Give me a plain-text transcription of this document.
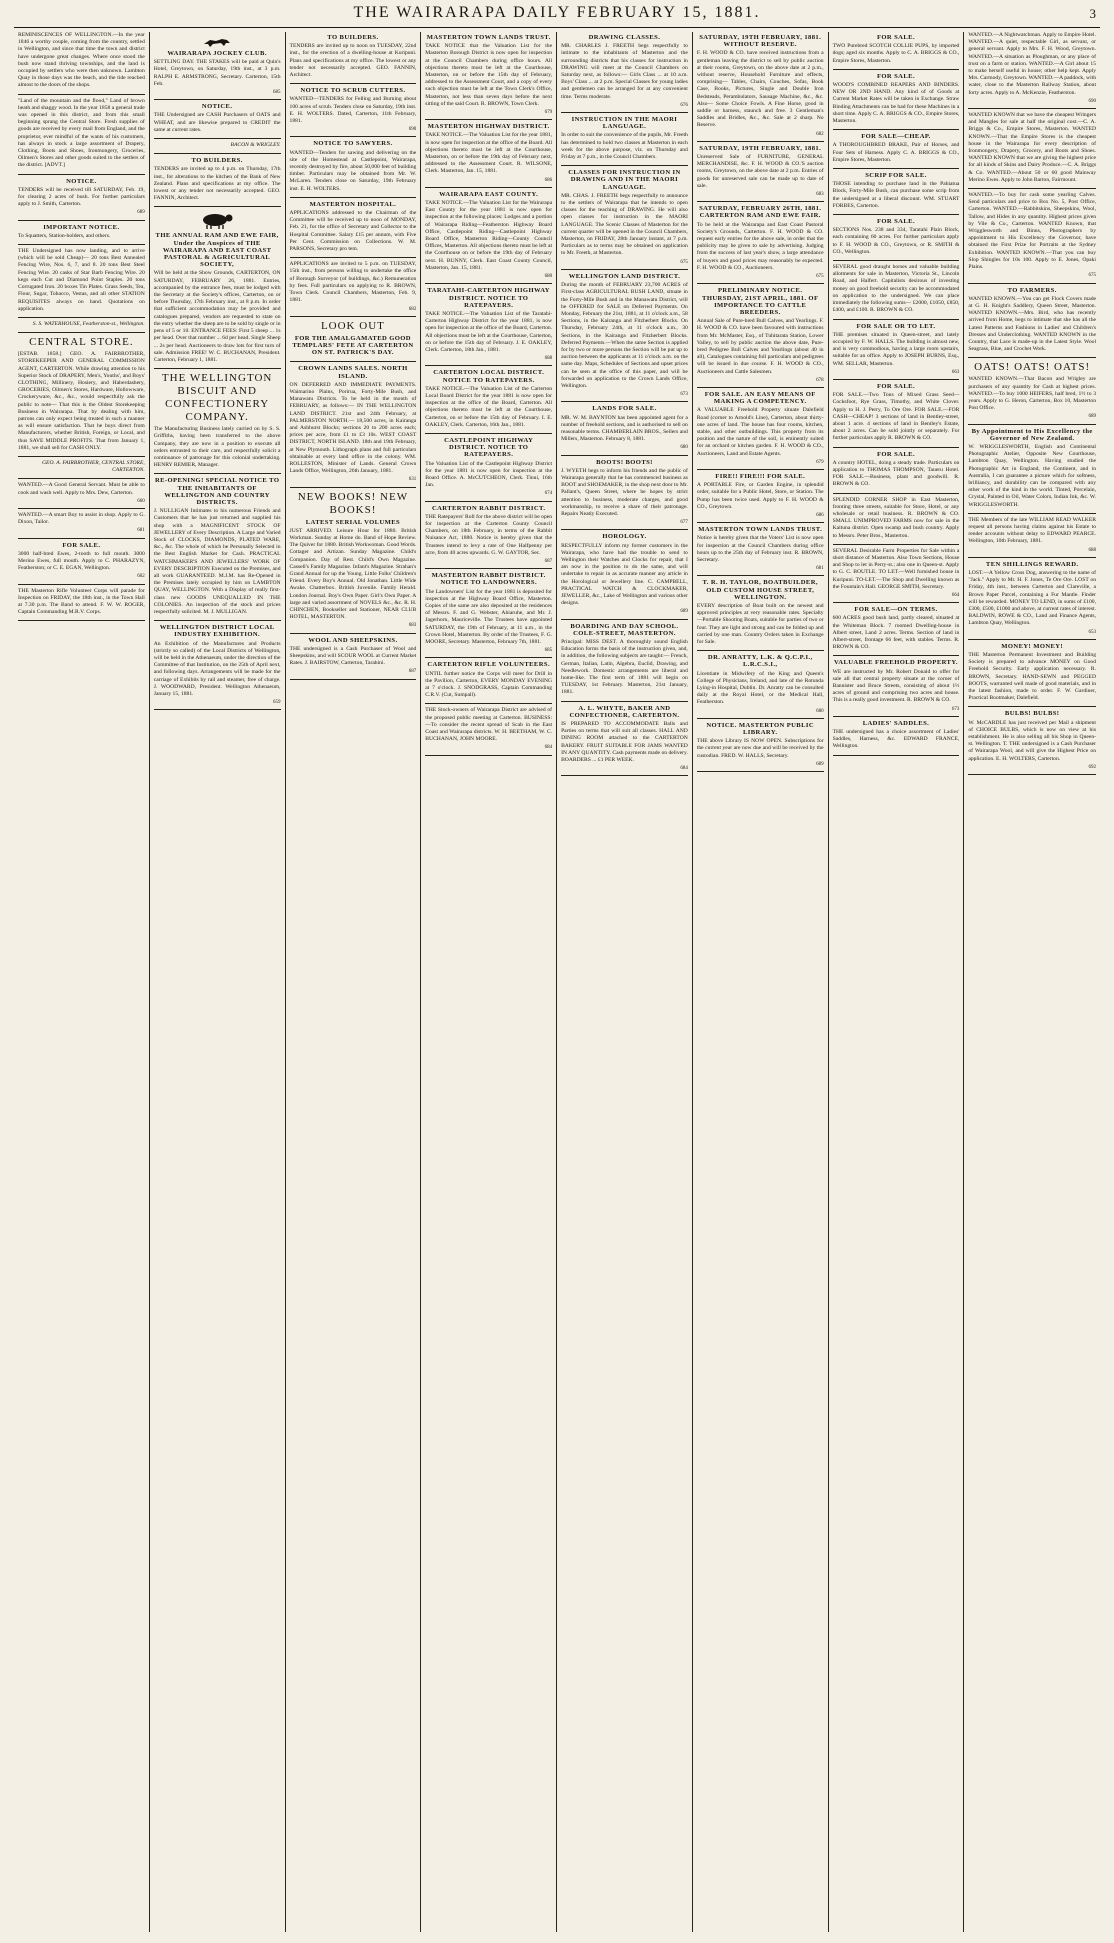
THE WAIRARAPA DAILY FEBRUARY 15, 1881.	3

REMINISCENCES OF WELLINGTON.—In the year 1846 a worthy couple, coming from the country, settled in Wellington, and since that time the town and district have undergone great changes. Where once stood the bush now stand thriving townships, and the land is occupied by settlers who were then unknown. Lambton Quay in those days was the beach, and the tide reached almost to the doors of the shops.

"Land of the mountain and the flood," Land of brown heath and shaggy wood. In the year 1858 a general trade was opened in this district, and from this small beginning sprang the Central Store. Fresh supplies of goods are received by every mail from England, and the proprietor, ever mindful of the wants of his customers, has always in stock a large assortment of Drapery, Clothing, Boots and Shoes, Ironmongery, Groceries, Oilmen's Stores and other goods suited to the settlers of the district. [ADVT.]

NOTICE.

TENDERS will be received till SATURDAY, Feb. 19, for clearing 2 acres of bush. For further particulars apply to J. Smith, Carterton.

689
IMPORTANT NOTICE.

To Squatters, Station-holders, and others.

THE Undersigned has now landing, and to arrive (which will be sold Cheap)— 20 tons Best Annealed Fencing Wire, Nos. 6, 7, and 8. 20 tons Best Steel Fencing Wire. 20 casks of Star Barb Fencing Wire. 20 kegs each Cut and Diamond Point Staples. 20 tons Corrugated Iron. 20 boxes Tin Plates. Grass Seeds, Tea, Flour, Sugar, Tobacco, Vestas, and all other STATION REQUISITES always on hand. Quotations on application.

S. S. WATERHOUSE, Featherston-st., Wellington.

CENTRAL STORE.

[ESTAB. 1858.] GEO. A. FAIRBROTHER, STOREKEEPER AND GENERAL COMMISSION AGENT, CARTERTON. While drawing attention to his Superior Stock of DRAPERY, Men's, Youths', and Boys' CLOTHING, Millinery, Hosiery, and Haberdashery, GROCERIES, Oilmen's Stores, Hardware, Hollowware, Crockeryware, &c., &c., would respectfully ask the public to note— That this is the Oldest Storekeeping Business in Wairarapa. That by dealing with him, patrons can only expect being treated in such a manner as will ensure satisfaction. That he buys direct from Manufacturers, whether British, Foreign, or Local, and thus SAVE MIDDLE PROFITS. That from January 1, 1881, we shall sell for CASH ONLY.

GEO. A. FAIRBROTHER, CENTRAL STORE, CARTERTON.

WANTED.—A Good General Servant. Must be able to cook and wash well. Apply to Mrs. Dew, Carterton.

660

WANTED.—A smart Boy to assist in shop. Apply to G. Dixon, Tailor.

681
FOR SALE.

3000 half-bred Ewes, 2-tooth to full mouth. 3000 Merino Ewes, full mouth. Apply to C. PHARAZYN, Featherston; or C. E. EGAN, Wellington.

602

THE Masterton Rifle Volunteer Corps will parade for Inspection on FRIDAY, the 18th inst., in the Town Hall at 7.30 p.m. The Band to attend. F. W. W. ROGER, Captain Commanding M.R.V. Corps.

WAIRARAPA JOCKEY CLUB.

SETTLING DAY. THE STAKES will be paid at Quin's Hotel, Greytown, on Saturday, 19th inst., at 3 p.m. RALPH E. ARMSTRONG, Secretary. Carterton, 15th Feb.

685
NOTICE.

THE Undersigned are CASH Purchasers of OATS and WHEAT, and are likewise prepared to CREDIT the same at current rates.

BACON & WRIGLEY.

TO BUILDERS.

TENDERS are invited up to 4 p.m. on Thursday, 17th inst., for alterations to the kitchen of the Bank of New Zealand. Plans and specifications at my office. The lowest or any tender not necessarily accepted. GEO. FANNIN, Architect.

THE ANNUAL RAM AND EWE FAIR, Under the Auspices of THE WAIRARAPA AND EAST COAST PASTORAL & AGRICULTURAL SOCIETY,

Will be held at the Show Grounds, CARTERTON, ON SATURDAY, FEBRUARY 26, 1881. Entries, accompanied by the entrance fees, must be lodged with the Secretary at the Society's offices, Carterton, on or before Thursday, 17th February inst., at 8 p.m. In order that sufficient accommodation may be provided and catalogues prepared, vendors are requested to state on the entry whether the sheep are to be sold by single or in pens of 5 or 10. ENTRANCE FEES: First 5 sheep ... 1s per head. Over that number ... 6d per head. Single Sheep ... 2s per head. Auctioneers to draw lots for first turn of sale. Admission FREE! W. C. BUCHANAN, President. Carterton, February 1, 1881.

THE WELLINGTON BISCUIT AND CONFECTIONERY COMPANY.

The Manufacturing Business lately carried on by S. S. Griffiths, having been transferred to the above Company, they are now in a position to execute all orders entrusted to their care, and respectfully solicit a continuance of patronage for this colonial undertaking. HENRY REMIER, Manager.

RE-OPENING! SPECIAL NOTICE TO THE INHABITANTS OF WELLINGTON AND COUNTRY DISTRICTS.

J. NULLIGAN Intimates to his numerous Friends and Customers that he has just returned and supplied his shop with a MAGNIFICENT STOCK OF JEWELLERY of Every Description. A Large and Varied Stock of CLOCKS, DIAMONDS, PLATED WARE, &c., &c. The whole of which he Personally Selected in the Best English Market for Cash. PRACTICAL WATCHMAKER'S AND JEWELLERS' WORK OF EVERY DESCRIPTION Executed on the Premises, and all work GUARANTEED. M.J.M. has Re-Opened in the Premises lately occupied by him on LAMBTON QUAY, WELLINGTON. With a Display of really first-class new GOODS UNEQUALLED IN THE COLONIES. An inspection of the stock and prices respectfully solicited. M. J. MULLIGAN.

WELLINGTON DISTRICT LOCAL INDUSTRY EXHIBITION.

An Exhibition of the Manufactures and Products (strictly so called) of the Local Districts of Wellington, will be held in the Athenaeum, under the direction of the Committee of that Institution, on the 25th of April next, and following days. Arrangements will be made for the carriage of Exhibits by rail and steamer, free of charge. J. WOODWARD, President. Wellington Athenaeum, January 15, 1881.

659
TO BUILDERS.

TENDERS are invited up to noon on TUESDAY, 22nd inst., for the erection of a dwelling-house at Kuripuni. Plans and specifications at my office. The lowest or any tender not necessarily accepted. GEO. FANNIN, Architect.

NOTICE TO SCRUB CUTTERS.

WANTED—TENDERS for Felling and Burning about 100 acres of scrub. Tenders close on Saturday, 19th inst. E. H. WOLTERS. Dated, Carterton, 11th February, 1881.

690
NOTICE TO SAWYERS.

WANTED—Tenders for sawing and delivering on the site of the Homestead at Castlepoint, Wairarapa, recently destroyed by fire, about 50,000 feet of building timber. Particulars may be obtained from Mr. W. McLaren. Tenders close on Saturday, 19th February inst. E. H. WOLTERS.

MASTERTON HOSPITAL.

APPLICATIONS addressed to the Chairman of the Committee will be received up to noon of MONDAY, Feb. 21, for the office of Secretary and Collector to the Hospital Committee. Salary £15 per annum, with Five Per Cent. Commission on Collections. W. M. PARSONS, Secretary pro tem.

APPLICATIONS are invited to 5 p.m. on TUESDAY, 15th inst., from persons willing to undertake the office of Borough Surveyor (of buildings, &c.) Remuneration by fees. Full particulars on applying to R. BROWN, Town Clerk. Council Chambers, Masterton, Feb. 9, 1881.

682
LOOK OUT
FOR THE AMALGAMATED GOOD TEMPLARS' FETE AT CARTERTON ON ST. PATRICK'S DAY.
CROWN LANDS SALES. NORTH ISLAND.

ON DEFERRED AND IMMEDIATE PAYMENTS. Waimarino Plains, Porirua, Forty-Mile Bush, and Manawatu Districts. To be held in the month of FEBRUARY, as follows:— IN THE WELLINGTON LAND DISTRICT. 21st and 24th February, at PALMERSTON NORTH.— 18,500 acres, in Kairanga and Ashhurst Blocks; sections 20 to 200 acres each; prices per acre, from £1 to £3 10s. WEST COAST DISTRICT, NORTH ISLAND. 18th and 19th February, at New Plymouth. Lithograph plans and full particulars obtainable at every land office in the colony. WM. ROLLESTON, Minister of Lands. General Crown Lands Office, Wellington, 26th January, 1881.

631
NEW BOOKS! NEW BOOKS!
LATEST SERIAL VOLUMES

JUST ARRIVED. Leisure Hour for 1880. British Workman. Sunday at Home do. Band of Hope Review. The Quiver for 1880. British Workwoman. Good Words. Cottager and Artizan. Sunday Magazine. Child's Companion. Day of Rest. Child's Own Magazine. Cassell's Family Magazine. Infant's Magazine. Strahan's Grand Annual for up the Young. Little Folks' Children's Friend. Every Boy's Annual. Old Jonathan. Little Wide Awake. Chatterbox. British Juvenile. Family Herald. London Journal. Boy's Own Paper. Girl's Own Paper. A large and varied assortment of NOVELS &c., &c. R. H. CHINCHEN, Bookseller and Stationer, NEAR CLUB HOTEL, MASTERTON.

683
WOOL AND SHEEPSKINS.

THE undersigned is a Cash Purchaser of Wool and Sheepskins, and will SCOUR WOOL at Current Market Rates. J. BAIRSTOW, Carterton, Tarahini.

687
MASTERTON TOWN LANDS TRUST.

TAKE NOTICE that the Valuation List for the Masterton Borough District is now open for inspection at the Council Chambers during office hours. All objections thereto must be left at the Courthouse, Masterton, on or before the 15th day of February, addressed to the Assessment Court, and a copy of every such objection must be left at the Town Clerk's Office, Masterton, not less than seven days before the next sitting of the said Court. R. BROWN, Town Clerk.

679
MASTERTON HIGHWAY DISTRICT.

TAKE NOTICE.—The Valuation List for the year 1881, is now open for inspection at the office of the Board. All objections thereto must be left at the Courthouse, Masterton, on or before the 19th day of February next, addressed to the Assessment Court. R. WILSONE, Clerk. Masterton, Jan. 15, 1881.

686
WAIRARAPA EAST COUNTY.

TAKE NOTICE.—The Valuation List for the Wairarapa East County for the year 1881 is now open for inspection at the following places: Lodges and a portion of Wairarapa Riding—Featherston Highway Board Office, Castlepoint Riding—Castlepoint Highway Board Office, Masterton Riding—County Council Offices, Masterton. All objections thereto must be left at the Courthouse on or before the 19th day of February next. H. BUNNY, Clerk. East Coast County Council, Masterton, Jan. 15, 1881.

680
TARATAHI-CARTERTON HIGHWAY DISTRICT. NOTICE TO RATEPAYERS.

TAKE NOTICE.—The Valuation List of the Taratahi-Carterton Highway District for the year 1881, is now open for inspection at the office of the Board, Carterton. All objections must be left at the Courthouse, Carterton, on or before the 15th day of February. J. E. OAKLEY, Clerk. Carterton, 18th Jan., 1881.

688
CARTERTON LOCAL DISTRICT. NOTICE TO RATEPAYERS.

TAKE NOTICE.—The Valuation List of the Carterton Local Board District for the year 1881 is now open for inspection at the office of the Board, Carterton. All objections thereto must be left at the Courthouse, Carterton, on or before the 15th day of February. I. E. OAKLEY, Clerk. Carterton, 16th Jan., 1881.

CASTLEPOINT HIGHWAY DISTRICT. NOTICE TO RATEPAYERS.

The Valuation List of the Castlepoint Highway District for the year 1881 is now open for inspection at the Board Office. A. McCUTCHEON, Clerk. Tinui, 16th Jan.

674
CARTERTON RABBIT DISTRICT.

THE Ratepayers' Roll for the above district will be open for inspection at the Carterton County Council Chambers, on 18th February, in terms of the Rabbit Nuisance Act, 1880. Notice is hereby given that the Trustees intend to levy a rate of One Halfpenny per acre, from 40 acres upwards. G. W. GAYTOR, Sec.

687
MASTERTON RABBIT DISTRICT. NOTICE TO LANDOWNERS.

The Landowners' List for the year 1881 is deposited for inspection at the Highway Board Office, Masterton. Copies of the same are also deposited at the residences of Messrs. F. and G. Webster, Ahiaruhe, and Mr. J. Jagerhorn, Mauriceville. The Trustees have appointed SATURDAY, the 19th of February, at 11 a.m., in the Crown Hotel, Masterton. By order of the Trustees, F. G. MOORE, Secretary. Masterton, February 7th, 1881.

685
CARTERTON RIFLE VOLUNTEERS.

UNTIL further notice the Corps will meet for Drill in the Pavilion, Carterton, EVERY MONDAY EVENING at 7 o'clock. J. SNODGRASS, Captain Commanding C.R.V. (Cut, Sumpall).

THE Stock-owners of Wairarapa District are advised of the proposed public meeting at Carterton. BUSINESS:—To consider the recent spread of Scab in the East Coast and Wairarapa districts. W. H. BEETHAM, W. C. BUCHANAN, JOHN MOORE.

684
DRAWING CLASSES.

MR. CHARLES J. FREETH begs respectfully to intimate to the inhabitants of Masterton and the surrounding districts that his classes for instruction in DRAWING will meet at the Council Chambers on Saturday next, as follows:— Girls Class ... at 10 a.m. Boys' Class ... at 2 p.m. Special Classes for young ladies and gentlemen can be arranged for at any convenient time. Terms moderate.

676
INSTRUCTION IN THE MAORI LANGUAGE.

In order to suit the convenience of the pupils, Mr. Freeth has determined to hold two classes at Masterton in each week for the above purpose, viz. on Thursday and Friday at 7 p.m., in the Council Chambers.

CLASSES FOR INSTRUCTION IN DRAWING AND IN THE MAORI LANGUAGE.

MR. CHAS. J. FREETH begs respectfully to announce to the settlers of Wairarapa that he intends to open classes for the teaching of DRAWING. He will also open classes for instruction in the MAORI LANGUAGE. The Scenic Classes of Masterton for the current quarter will be opened in the Council Chambers, Masterton, on FRIDAY, 28th January instant, at 7 p.m. Particulars as to terms may be obtained on application to Mr. Freeth, at Masterton.

675
WELLINGTON LAND DISTRICT.

During the month of FEBRUARY 23,700 ACRES of First-class AGRICULTURAL BUSH LAND, situate in the Forty-Mile Bush and in the Manawatu District, will be OFFERED for SALE on Deferred Payments. On Monday, February the 21st, 1881, at 11 o'clock a.m., 58 Sections, in the Kairanga and Fitzherbert Blocks. On Thursday, February 24th, at 11 o'clock a.m., 30 Sections, in the Kairanga and Fitzherbert Blocks. Deferred Payments.—When the same Section is applied for by two or more persons the Section will be put up to auction between the applicants at 11 o'clock a.m. on the same day. Maps, Schedules of Sections and upset prices can be seen at the office of this paper, and will be forwarded on application to the Crown Lands Office, Wellington.

673
LANDS FOR SALE.

MR. W. M. BAYNTON has been appointed agent for a number of freehold sections, and is authorised to sell on reasonable terms. CHAMBERLAIN BROS., Sellers and Millers, Masterton. February 8, 1881.

680
BOOTS! BOOTS!

J. WYETH begs to inform his friends and the public of Wairarapa generally that he has commenced business as BOOT and SHOEMAKER, in the shop next door to Mr. Pallant's, Queen Street, where he hopes by strict attention to business, moderate charges, and good workmanship, to receive a share of their patronage. Repairs Neatly Executed.

677
HOROLOGY.

RESPECTFULLY inform my former customers in the Wairarapa, who have had the trouble to send to Wellington their Watches and Clocks for repair, that I am now in the position to do the same, and will undertake to repair in as accurate manner any article in the Horological or Jewellery line. C. CAMPBELL, PRACTICAL WATCH & CLOCKMAKER, JEWELLER, &c., Lake of Wellington and various other designs.

689
BOARDING AND DAY SCHOOL. COLE-STREET, MASTERTON.

Principal: MISS DEST. A thoroughly sound English Education forms the basis of the instruction given, and, in addition, the following subjects are taught:— French, German, Italian, Latin, Algebra, Euclid, Drawing, and Needlework. Domestic arrangements are liberal and home-like. The first term of 1881 will begin on TUESDAY, 1st February. Masterton, 21st January, 1881.

A. L. WHYTE, BAKER AND CONFECTIONER, CARTERTON.

IS PREPARED TO ACCOMMODATE Balls and Parties on terms that will suit all classes. HALL AND DINING ROOM attached to the CARTERTON BAKERY. FRUIT SUITABLE FOR JAMS WANTED IN ANY QUANTITY. Cash payments made on delivery. BOARDERS ... £1 PER WEEK.

684
SATURDAY, 19TH FEBRUARY, 1881. WITHOUT RESERVE.

F. H. WOOD & CO. have received instructions from a gentleman leaving the district to sell by public auction at their rooms, Greytown, on the above date at 2 p.m., without reserve, Household Furniture and effects, comprising— Tables, Chairs, Couches, Sofas, Book Case, Books, Pictures, Single and Double Iron Bedsteads, Perambulators, Sausage Machine, &c., &c. Also— Some Choice Fowls. A Fine Horse, good in saddle or harness, staunch and free. 3 Gentleman's Saddles and Bridles, &c., &c. Sale at 2 sharp. No Reserve.

682
SATURDAY, 19TH FEBRUARY, 1881.

Unreserved Sale of FURNITURE, GENERAL MERCHANDISE, &c. F. H. WOOD & CO.'S auction rooms, Greytown, on the above date at 2 p.m. Entries of goods for unreserved sale can be made up to date of sale.

683
SATURDAY, FEBRUARY 26TH, 1881. CARTERTON RAM AND EWE FAIR.

To be held at the Wairarapa and East Coast Pastoral Society's Grounds, Carterton. F. H. WOOD & CO. request early entries for the above sale, in order that the publicity may be given to sale by advertising. Judging from the success of last year's show, a large attendance of buyers and good prices may reasonably be expected. F. H. WOOD & CO., Auctioneers.

675
PRELIMINARY NOTICE. THURSDAY, 21ST APRIL, 1881. OF IMPORTANCE TO CATTLE BREEDERS.

Annual Sale of Pure-bred Bull Calves, and Yearlings. F. H. WOOD & CO. have been favoured with instructions from Mr. McMaster, Esq., of Tuhitarata Station, Lower Valley, to sell by public auction the above date, Pure-bred Pedigree Bull Calves and Yearlings (about 40 in all), Catalogues containing full particulars and pedigrees will be issued in due course. F. H. WOOD & CO., Auctioneers and Cattle Salesmen.

678
FOR SALE. AN EASY MEANS OF MAKING A COMPETENCY.

A VALUABLE Freehold Property situate Dalefield Road (corner to Arnold's Line), Carterton, about thirty-one acres of land. The house has four rooms, kitchen, stable, and other outbuildings. This property from its position and the nature of the soil, is eminently suited for an orchard or kitchen garden. F. H. WOOD & CO., Auctioneers, Land and Estate Agents.

679
FIRE!! FIRE!!! FOR SALE.

A PORTABLE Fire, or Garden Engine, in splendid order, suitable for a Public Hotel, Store, or Station. The Pump has been twice used. Apply to F. H. WOOD & CO., Greytown.

686
MASTERTON TOWN LANDS TRUST.

Notice is hereby given that the Voters' List is now open for inspection at the Council Chambers during office hours up to the 25th day of February inst. R. BROWN, Secretary.

681
T. R. H. TAYLOR, BOATBUILDER, OLD CUSTOM HOUSE STREET, WELLINGTON.

EVERY description of Boat built on the newest and approved principles at very reasonable rates. Specialty—Portable Shooting Boats, suitable for parties of two or four. They are light and strong and can be folded up and carried by one man. Country Orders taken in Exchange for Sale.

DR. ANRATTY, L.K. & Q.C.P.I., L.R.C.S.I.,

Licentiate in Midwifery of the King and Queen's College of Physicians, Ireland, and late of the Rotunda Lying-in Hospital, Dublin. Dr. Anratty can be consulted daily at the Royal Hotel, or the Medical Hall, Featherston.

680
NOTICE. MASTERTON PUBLIC LIBRARY.

THE above Library IS NOW OPEN. Subscriptions for the current year are now due and will be received by the custodian. FRED. W. HALLS, Secretary.

689
FOR SALE.

TWO Purebred SCOTCH COLLIE PUPS, by imported dogs; aged six months. Apply to C. A. BRIGGS & CO., Empire Stores, Masterton.

FOR SALE.

WOOD'S COMBINED REAPERS AND BINDERS. NEW OR 2ND HAND. Any kind of of Goods at Current Market Rates will be taken in Exchange. Straw Binding Attachments can be had for these Machines in a short time. Apply C. A. BRIGGS & CO., Empire Stores, Masterton.

FOR SALE—CHEAP.

A THOROUGHBRED BRAKE, Pair of Horses, and Four Sets of Harness. Apply C. A. BRIGGS & CO., Empire Stores, Masterton.

SCRIP FOR SALE.

THOSE intending to purchase land in the Pahiatua Block, Forty-Mile Bush, can purchase some scrip from the undersigned at a liberal discount. WM. STUART FORBES, Carterton.

FOR SALE.

SECTIONS Nos. 238 and 334, Taratahi Plain Block, each containing 60 acres. For further particulars apply to F. H. WOOD & CO., Greytown, or R. SMITH & CO., Wellington.

SEVERAL good draught horses and valuable building allotments for sale in Masterton, Victoria St., Lincoln Road, and Halfert. Capitalists desirous of investing money on good freehold security can be accommodated on application to the undersigned. We can place immediately the following sums— £2000, £1050, £850, £400, and £100. R. BROWN & CO.

FOR SALE OR TO LET.

THE premises situated in Queen-street, and lately occupied by F. W. HALLS. The building is almost new, and is very commodious, having a large room upstairs, suitable for an office. Apply to JOSEPH BURNS, Esq., WM. SELLAR, Masterton.

663
FOR SALE.

FOR SALE.—Two Tons of Mixed Grass Seed—Cocksfoot, Rye Grass, Timothy, and White Clover. Apply to H. J. Perry, To Ore Ore. FOR SALE.—FOR CASH—CHEAP! 3 sections of land in Bentley-street, about 1 acre. 4 sections of land in Bentley's Estate, about 2 acres. Can be sold jointly or separately. For further particulars apply R. BROWN & CO.

FOR SALE.

A country HOTEL, doing a steady trade. Particulars on application to THOMAS THOMPSON, Taueru Hotel. FOR SALE.—Business, plant and goodwill. R. BROWN & CO.

SPLENDID CORNER SHOP in East Masterton, fronting three streets, suitable for Store, Hotel, or any wholesale or retail business. R. BROWN & CO. SMALL UNIMPROVED FARMS now for sale in the Kaituna district. Open swamp and bush country. Apply to Messrs. Peter Bros., Masterton.

SEVERAL Desirable Farm Properties for Sale within a short distance of Masterton. Also Town Sections, House and Shop to let in Perry-st.; also one in Queen-st. Apply to G. C. BOUTLE. TO LET.—Well furnished house in Kuripuni. TO-LET.—The Shop and Dwelling known as the Fountain's Hall. GEORGE SMITH, Secretary.

664
FOR SALE—ON TERMS.

600 ACRES good bush land, partly cleared, situated at the Whiteman Block. 7 roomed Dwelling-house in Albert street, Land 2 acres. Terms. Section of land in Albert-street, frontage 66 feet, with stables. Terms. R. BROWN & CO.

VALUABLE FREEHOLD PROPERTY.

WE are instructed by Mr. Robert Donald to offer for sale all that central property situate at the corner of Bannister and Bruce Streets, consisting of about 1½ acres of ground and comprising two acres and house. This is a really good investment. R. BROWN & CO.

673
LADIES' SADDLES.

THE undersigned has a choice assortment of Ladies' Saddles, Harness, &c. EDWARD FRANCE, Wellington.

WANTED.—A Nightwatchman. Apply to Empire Hotel. WANTED.—A quiet, respectable Girl, as servant, or general servant. Apply to Mrs. F. H. Wood, Greytown. WANTED.—A situation as Ploughman, or any place of trust on a farm or station. WANTED.—A Girl about 15 to make herself useful in house; other help kept. Apply Mrs. Carmody, Greytown. WANTED.—A paddock, with water, close to the Masterton Railway Station, about forty acres. Apply to A. McKenzie, Featherston.

690

WANTED KNOWN that we have the cheapest Wringers and Mangles for sale at half the original cost.—C. A. Briggs & Co., Empire Stores, Masterton. WANTED KNOWN.—That the Empire Stores is the cheapest house in the Wairarapa for every description of Ironmongery, Drapery, Grocery, and Boots and Shoes. WANTED KNOWN that we are giving the highest price for all kinds of Skins and Dairy Produce.—C. A. Briggs & Co. WANTED.—About 50 or 60 good Mainway Merino Ewes. Apply to John Barton, Fairmount.

WANTED.—To buy for cash some yearling Calves. Send particulars and price to Box No. 5, Post Office, Carterton. WANTED.—Rabbitskins, Sheepskins, Wool, Tallow, and Hides in any quantity. Highest prices given by Vile & Co., Carterton. WANTED Known, that Wrigglesworth and Binns, Photographers by appointment to His Excellency the Governor, have obtained the First Prize for Portraits at the Sydney Exhibition. WANTED KNOWN.—That you can buy Slop Shingles for 10s 100. Apply to E. Jones, Opaki Plains.

675
TO FARMERS.

WANTED KNOWN.—You can get Flock Covers made at G. H. Knight's Saddlery, Queen Street, Masterton. WANTED KNOWN.—Mrs. Bird, who has recently arrived from Home, begs to intimate that she has all the Latest Patterns and Fashions in Ladies' and Children's Dresses and Underclothing. WANTED KNOWN in the Country, that Lace is made-up in the Latest Style. Wool Seagrass, Blue, and Crochet Work.

OATS! OATS! OATS!

WANTED KNOWN.—That Bacon and Wrigley are purchasers of any quantity for Cash at highest prices. WANTED.—To buy 1000 HEIFERS, half bred, 1½ to 3 years. Apply to G. Heron, Carterton, Box 10, Masterton Post Office.

689
By Appointment to His Excellency the Governor of New Zealand.

W. WRIGGLESWORTH, English and Continental Photographic Atelier, Opposite New Courthouse, Lambton Quay, Wellington. Having studied the Photographic Art in England, the Continent, and in Australia, I can guarantee a picture which for softness, brilliancy, and durability can be compared with any other work of the kind in the world. Tinted, Porcelain, Crystal, Painted in Oil, Water Colors, Indian Ink, &c. W. WRIGGLESWORTH.

THE Members of the late WILLIAM READ WALKER request all persons having claims against his Estate to render accounts without delay to EDWARD PEARCE. Wellington, 10th February, 1881.

688
TEN SHILLINGS REWARD.

LOST.—A Yellow Cross Dog, answering to the name of "Jack." Apply to Mr. H. F. Jones, Te Ore Ore. LOST on Friday, 4th inst., between Carterton and Clareville, a Brown Paper Parcel, containing a Fur Mantle. Finder will be rewarded. MONEY TO LEND, in sums of £100, £300, £500, £1000 and above, at current rates of interest. BALDWIN, ROWE & CO., Land and Finance Agents, Lambton Quay, Wellington.

653
MONEY! MONEY!

THE Masterton Permanent Investment and Building Society is prepared to advance MONEY on Good Freehold Security. Early application necessary. R. BROWN, Secretary. HAND-SEWN and PEGGED BOOTS, warranted well made of good materials, and in the latest fashion, made to order. F. W. Gardiner, Practical Bootmaker, Dalefield.

BULBS! BULBS!

W. McCARDLE has just received per Mail a shipment of CHOICE BULBS, which is now on view at his establishment. He is also selling all his Shop in Queen-st. Wellington. T. THE undersigned is a Cash Purchaser of Wairarapa Wool, and will give the Highest Price on application. E. H. WOLTERS, Carterton.

692
